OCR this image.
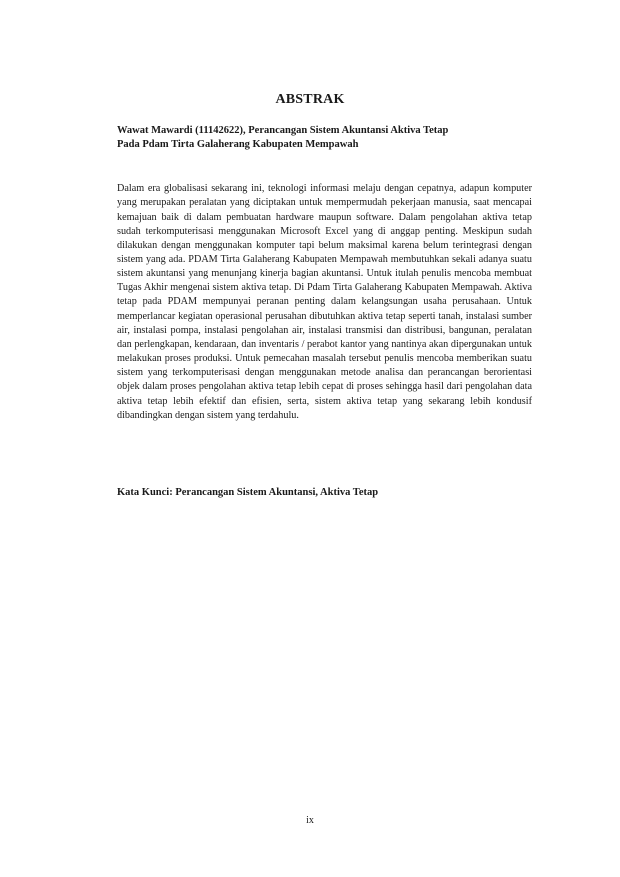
ABSTRAK
Wawat Mawardi (11142622), Perancangan Sistem Akuntansi Aktiva Tetap
Pada Pdam Tirta Galaherang Kabupaten Mempawah

Dalam era globalisasi sekarang ini, teknologi informasi melaju dengan cepatnya, adapun komputer yang merupakan peralatan yang diciptakan untuk mempermudah pekerjaan manusia, saat mencapai kemajuan baik di dalam pembuatan hardware maupun software. Dalam pengolahan aktiva tetap sudah terkomputerisasi menggunakan Microsoft Excel yang di anggap penting. Meskipun sudah dilakukan dengan menggunakan komputer tapi belum maksimal karena belum terintegrasi dengan sistem yang ada. PDAM Tirta Galaherang Kabupaten Mempawah membutuhkan sekali adanya suatu sistem akuntansi yang menunjang kinerja bagian akuntansi. Untuk itulah penulis mencoba membuat Tugas Akhir mengenai sistem aktiva tetap. Di Pdam Tirta Galaherang Kabupaten Mempawah. Aktiva tetap pada PDAM mempunyai peranan penting dalam kelangsungan usaha perusahaan. Untuk memperlancar kegiatan operasional perusahan dibutuhkan aktiva tetap seperti tanah, instalasi sumber air, instalasi pompa, instalasi pengolahan air, instalasi transmisi dan distribusi, bangunan, peralatan dan perlengkapan, kendaraan, dan inventaris / perabot kantor yang nantinya akan dipergunakan untuk melakukan proses produksi. Untuk pemecahan masalah tersebut penulis mencoba memberikan suatu sistem yang terkomputerisasi dengan menggunakan metode analisa dan perancangan berorientasi objek dalam proses pengolahan aktiva tetap lebih cepat di proses sehingga hasil dari pengolahan data aktiva tetap lebih efektif dan efisien, serta, sistem aktiva tetap yang sekarang lebih kondusif dibandingkan dengan sistem yang terdahulu.

Kata Kunci: Perancangan Sistem Akuntansi, Aktiva Tetap
ix
